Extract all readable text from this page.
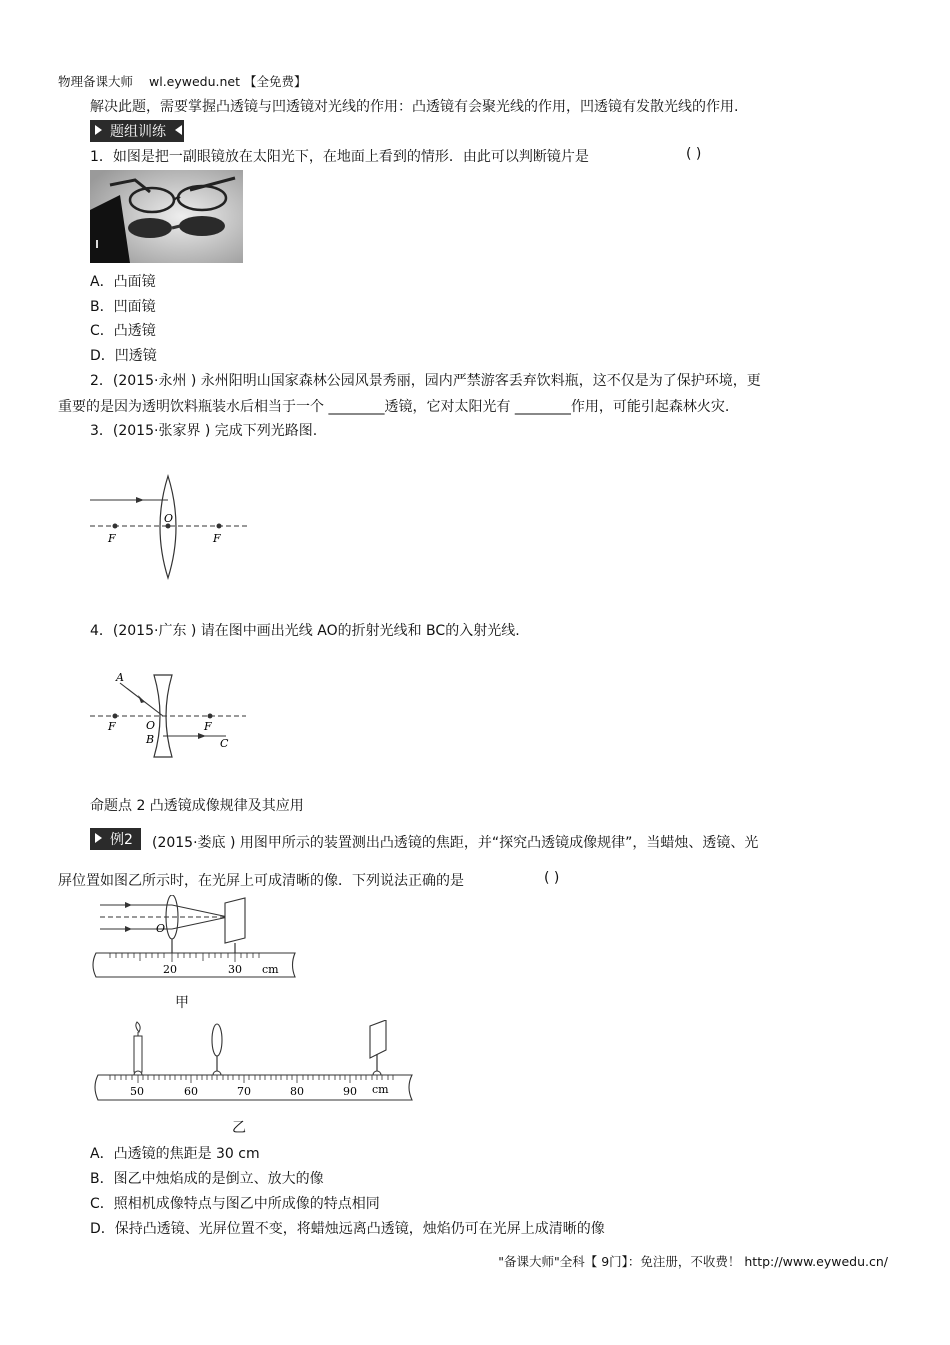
物理备课大师 wl.eywedu.net 【全免费】
解决此题，需要掌握凸透镜与凹透镜对光线的作用：凸透镜有会聚光线的作用，凹透镜有发散光线的作用.
题组训练
1．如图是把一副眼镜放在太阳光下，在地面上看到的情形．由此可以判断镜片是	( )
A．凸面镜
B．凹面镜
C．凸透镜
D．凹透镜
2．(2015·永州 ) 永州阳明山国家森林公园风景秀丽，园内严禁游客丢弃饮料瓶，这不仅是为了保护环境，更
重要的是因为透明饮料瓶装水后相当于一个 ________透镜，它对太阳光有 ________作用，可能引起森林火灾.
3．(2015·张家界 ) 完成下列光路图.
F
O
F
4．(2015·广东 ) 请在图中画出光线 AO的折射光线和 BC的入射光线.
A
O
B	C
F	F
命题点 2 凸透镜成像规律及其应用
例2	(2015·娄底 ) 用图甲所示的装置测出凸透镜的焦距，并“探究凸透镜成像规律”，当蜡烛、透镜、光
屏位置如图乙所示时，在光屏上可成清晰的像．下列说法正确的是	( )
20	30 cm
O
甲
50	60	70	80	90 cm
乙
A．凸透镜的焦距是 30 cm
B．图乙中烛焰成的是倒立、放大的像
C．照相机成像特点与图乙中所成像的特点相同
D．保持凸透镜、光屏位置不变，将蜡烛远离凸透镜，烛焰仍可在光屏上成清晰的像
"备课大师"全科【 9门】：免注册，不收费！ http://www.eywedu.cn/
